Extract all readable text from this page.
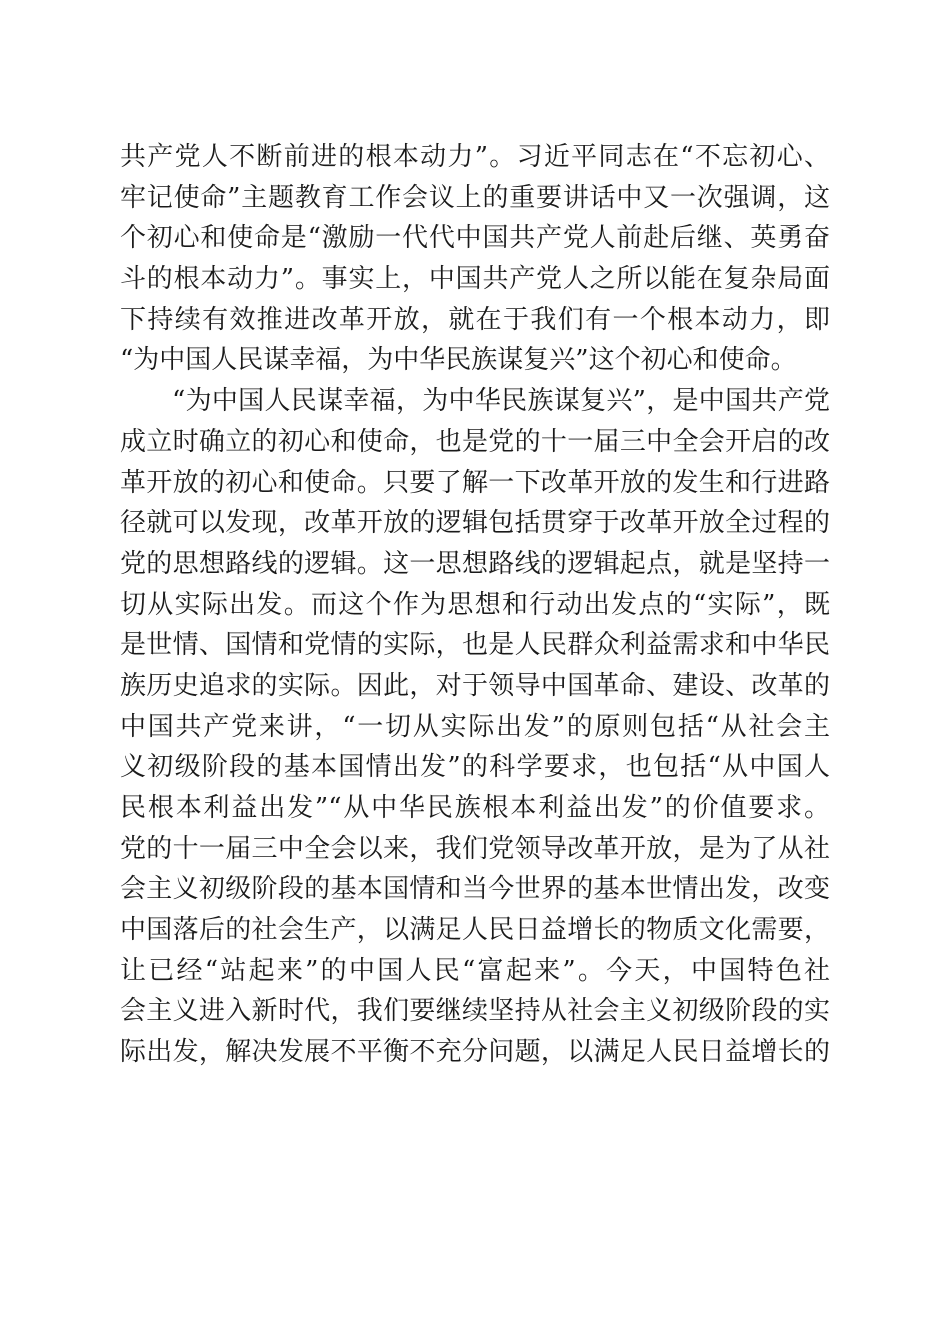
共产党人不断前进的根本动力”。习近平同志在“不忘初心、
牢记使命”主题教育工作会议上的重要讲话中又一次强调，这
个初心和使命是“激励一代代中国共产党人前赴后继、英勇奋
斗的根本动力”。事实上，中国共产党人之所以能在复杂局面
下持续有效推进改革开放，就在于我们有一个根本动力，即
“为中国人民谋幸福，为中华民族谋复兴”这个初心和使命。
“为中国人民谋幸福，为中华民族谋复兴”，是中国共产党
成立时确立的初心和使命，也是党的十一届三中全会开启的改
革开放的初心和使命。只要了解一下改革开放的发生和行进路
径就可以发现，改革开放的逻辑包括贯穿于改革开放全过程的
党的思想路线的逻辑。这一思想路线的逻辑起点，就是坚持一
切从实际出发。而这个作为思想和行动出发点的“实际”，既
是世情、国情和党情的实际，也是人民群众利益需求和中华民
族历史追求的实际。因此，对于领导中国革命、建设、改革的
中国共产党来讲，“一切从实际出发”的原则包括“从社会主
义初级阶段的基本国情出发”的科学要求，也包括“从中国人
民根本利益出发”“从中华民族根本利益出发”的价值要求。
党的十一届三中全会以来，我们党领导改革开放，是为了从社
会主义初级阶段的基本国情和当今世界的基本世情出发，改变
中国落后的社会生产，以满足人民日益增长的物质文化需要，
让已经“站起来”的中国人民“富起来”。今天，中国特色社
会主义进入新时代，我们要继续坚持从社会主义初级阶段的实
际出发，解决发展不平衡不充分问题，以满足人民日益增长的
